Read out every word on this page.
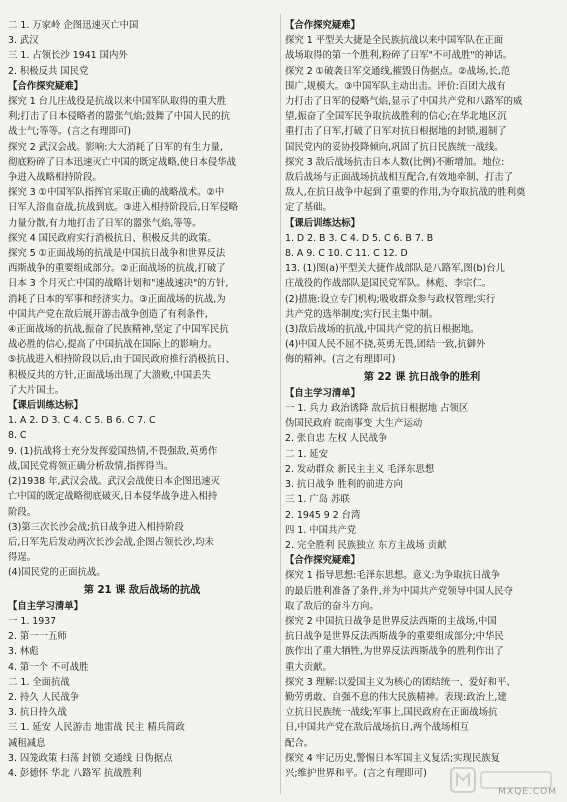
二 1. 万家岭 企图迅速灭亡中国
3. 武汉
三 1. 占领长沙 1941 国内外
2. 积极反共 国民党
【合作探究疑难】
探究 1 台儿庄战役是抗战以来中国军队取得的重大胜
利;打击了日本侵略者的嚣张气焰;鼓舞了中国人民的抗
战士气;等等。(言之有理即可)
探究 2 武汉会战。影响:大大消耗了日军的有生力量,
彻底粉碎了日本迅速灭亡中国的既定战略,使日本侵华战
争进入战略相持阶段。
探究 3 ①中国军队指挥官采取正确的战略战术。②中
日军人浴血奋战,抗战到底。③进入相持阶段后,日军侵略
力量分散,有力地打击了日军的嚣张气焰,等等。
探究 4 国民政府实行消极抗日、积极反共的政策。
探究 5 ①正面战场的抗战是中国抗日战争和世界反法
西斯战争的重要组成部分。②正面战场的抗战,打破了
日本 3 个月灭亡中国的战略计划和"速战速决"的方针,
消耗了日本的军事和经济实力。③正面战场的抗战,为
中国共产党在敌后展开游击战争创造了有利条件,
④正面战场的抗战,振奋了民族精神,坚定了中国军民抗
战必胜的信心,提高了中国抗战在国际上的影响力。
⑤抗战进入相持阶段以后,由于国民政府推行消极抗日、
积极反共的方针,正面战场出现了大溃败,中国丢失
了大片国土。
【课后训练达标】
1. A 2. D 3. C 4. C 5. B 6. C 7. C
8. C
9. (1)抗战将士充分发挥爱国热情,不畏强敌,英勇作
战,国民党将领正确分析敌情,指挥得当。
(2)1938 年,武汉会战。武汉会战使日本企图迅速灭
亡中国的既定战略彻底破灭,日本侵华战争进入相持
阶段。
(3)第三次长沙会战;抗日战争进入相持阶段
后,日军先后发动两次长沙会战,企图占领长沙,均未
得逞。
(4)国民党的正面抗战。
第 21 课 敌后战场的抗战
【自主学习清单】
一 1. 1937
2. 第一一五师
3. 林彪
4. 第一个 不可战胜
二 1. 全面抗战
2. 持久 人民战争
3. 抗日持久战
三 1. 延安 人民游击 地雷战 民主 精兵简政
减租减息
3. 囚笼政策 扫荡 封锁 交通线 日伪据点
4. 彭德怀 华北 八路军 抗战胜利
【合作探究疑难】
探究 1 平型关大捷是全民族抗战以来中国军队在正面
战场取得的第一个胜利,粉碎了日军"不可战胜"的神话。
探究 2 ①破袭日军交通线,摧毁日伪据点。②战场,长,范
围广,规模大。③中国军队主动出击。评价:百团大战有
力打击了日军的侵略气焰,显示了中国共产党和八路军的威
望,振奋了全国军民争取抗战胜利的信心;在华北地区沉
重打击了日军,打破了日军对抗日根据地的封锁,遏制了
国民党内的妥协投降倾向,巩固了抗日民族统一战线。
探究 3 敌后战场抗击日本人数(比例)不断增加。地位:
敌后战场与正面战场抗战相互配合,有效地牵制、打击了
敌人,在抗日战争中起到了重要的作用,为夺取抗战的胜利奠
定了基础。
【课后训练达标】
1. D 2. B 3. C 4. D 5. C 6. B 7. B
8. A 9. C 10. C 11. C 12. D
13. (1)图(a)平型关大捷作战部队是八路军,图(b)台儿
庄战役的作战部队是国民党军队。林彪、李宗仁。
(2)措施:设立专门机构;吸收群众参与政权管理;实行
共产党的选举制度;实行民主集中制。
(3)敌后战场的抗战,中国共产党的抗日根据地。
(4)中国人民不屈不挠,英勇无畏,团结一致,抗御外
侮的精神。(言之有理即可)
第 22 课 抗日战争的胜利
【自主学习清单】
一 1. 兵力 政治诱降 敌后抗日根据地 占领区
伪国民政府 皖南事变 大生产运动
2. 张自忠 左权 人民战争
二 1. 延安
2. 发动群众 新民主主义 毛泽东思想
3. 抗日战争 胜利的前进方向
三 1. 广岛 苏联
2. 1945 9 2 台湾
四 1. 中国共产党
2. 完全胜利 民族独立 东方主战场 贡献
【合作探究疑难】
探究 1 指导思想:毛泽东思想。意义:为争取抗日战争
的最后胜利准备了条件,并为中国共产党领导中国人民夺
取了敌后的奋斗方向。
探究 2 中国抗日战争是世界反法西斯的主战场,中国
抗日战争是世界反法西斯战争的重要组成部分;中华民
族作出了重大牺牲,为世界反法西斯战争的胜利作出了
重大贡献。
探究 3 理解:以爱国主义为核心的团结统一、爱好和平、
勤劳勇敢、自强不息的伟大民族精神。表现:政治上,建
立抗日民族统一战线;军事上,国民政府在正面战场抗
日,中国共产党在敌后战场抗日,两个战场相互
配合。
探究 4 牢记历史,警惕日本军国主义复活;实现民族复
兴;维护世界和平。(言之有理即可)
MXQE.COM
